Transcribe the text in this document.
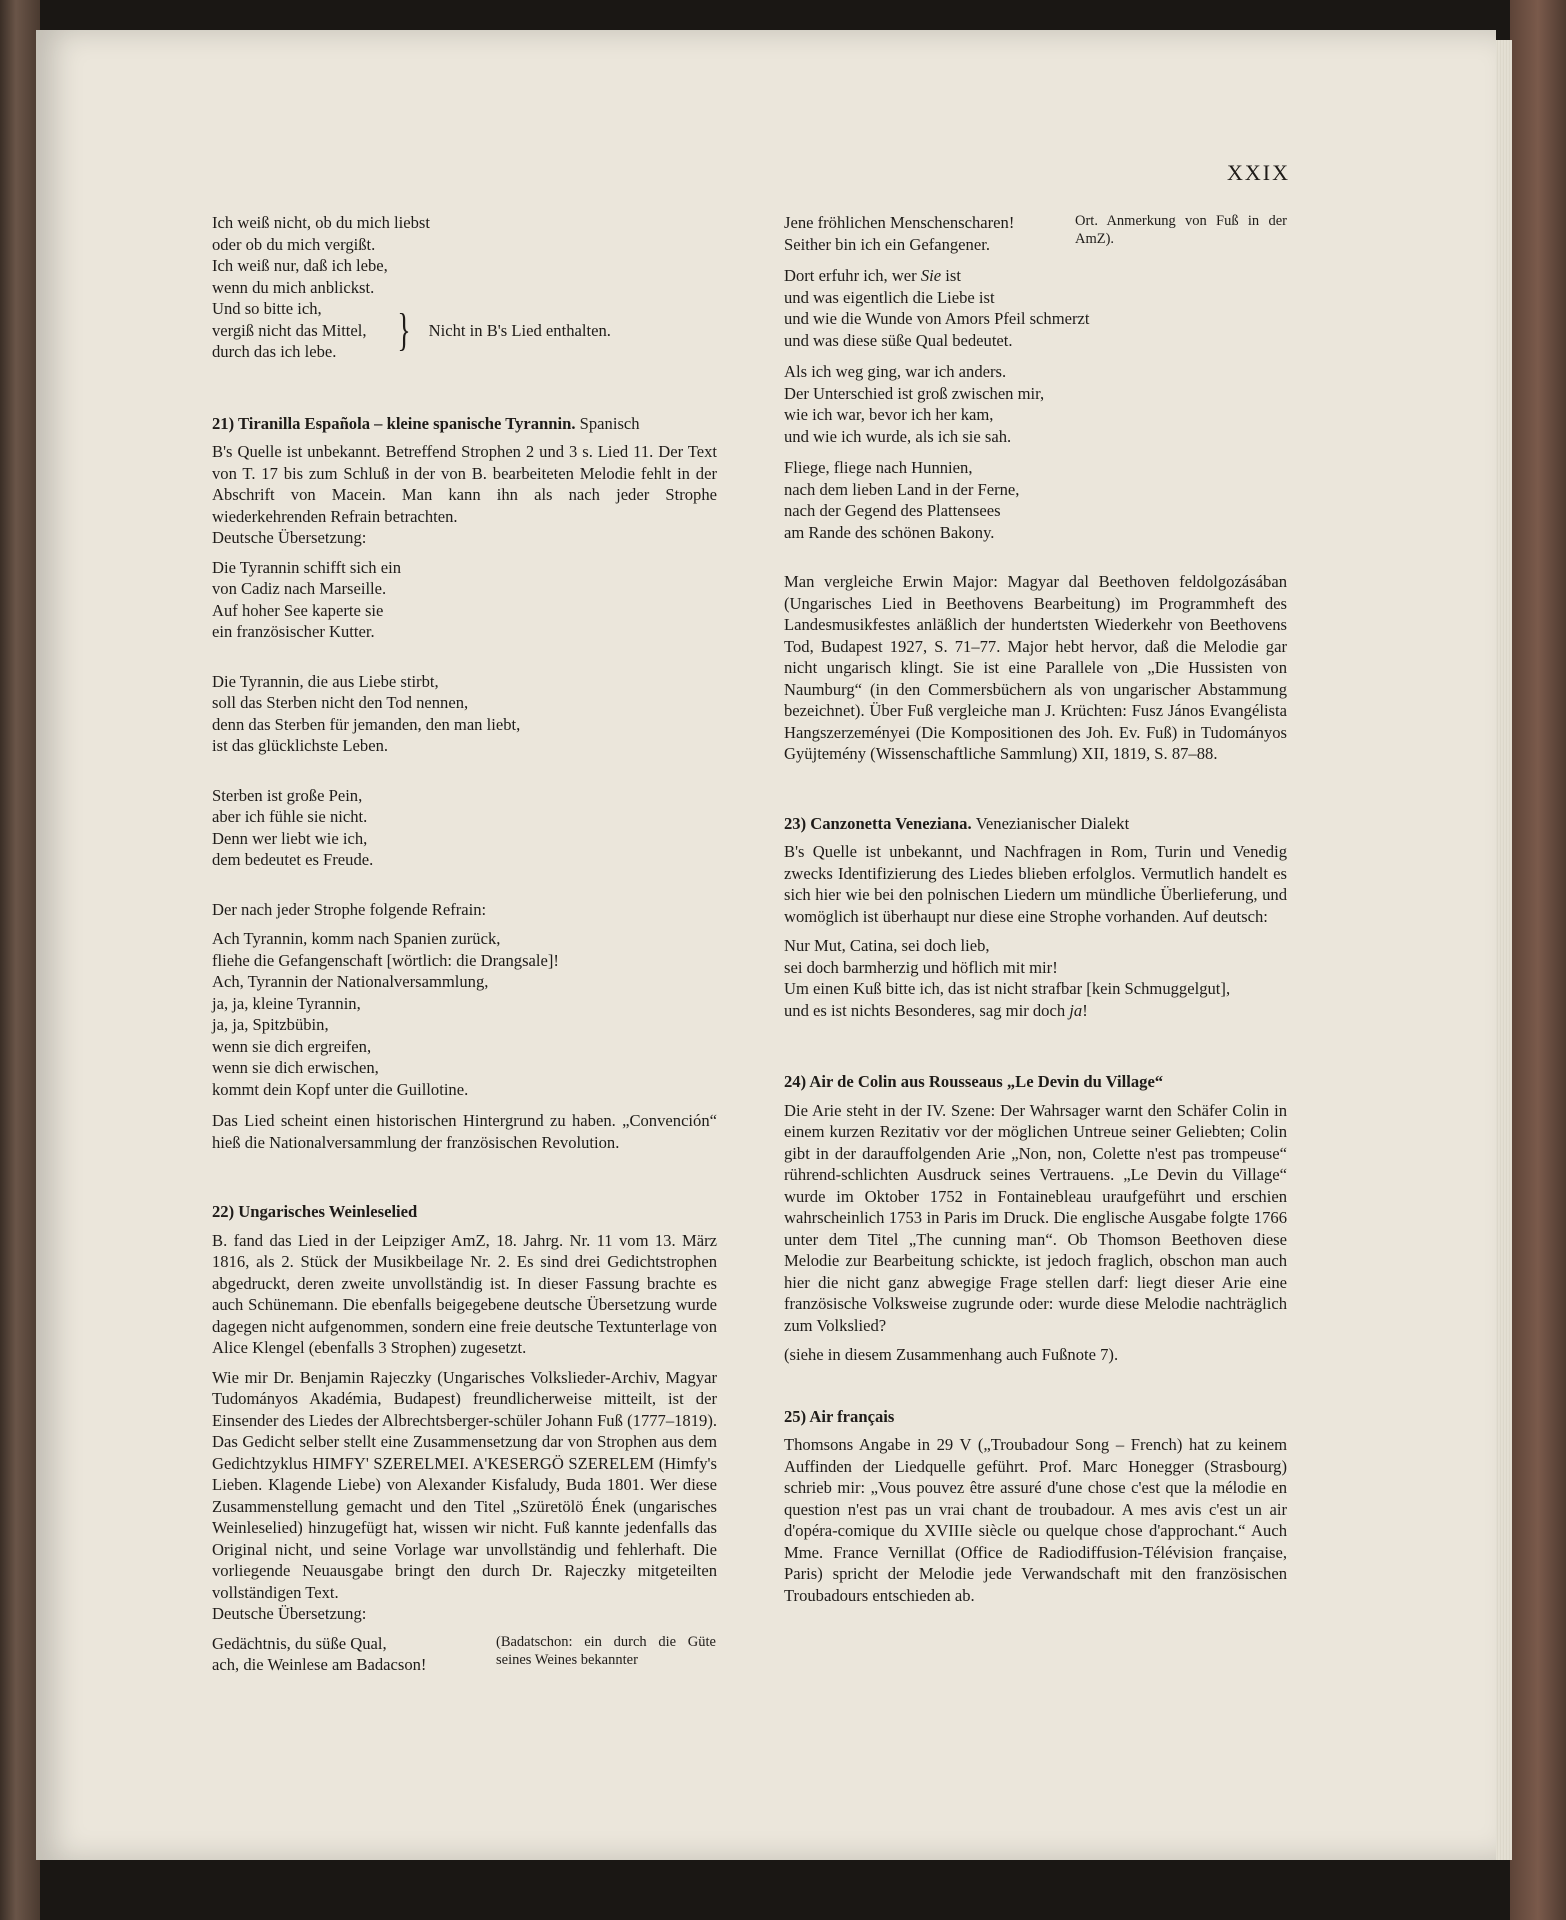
XXIX
Ich weiß nicht, ob du mich liebst
oder ob du mich vergißt.
Ich weiß nur, daß ich lebe,
wenn du mich anblickst.
Und so bitte ich,
vergiß nicht das Mittel,
durch das ich lebe.	} Nicht in B's Lied enthalten.
21) Tiranilla Española – kleine spanische Tyrannin. Spanisch

B's Quelle ist unbekannt. Betreffend Strophen 2 und 3 s. Lied 11. Der Text von T. 17 bis zum Schluß in der von B. bearbeiteten Melodie fehlt in der Abschrift von Macein. Man kann ihn als nach jeder Strophe wiederkehrenden Refrain betrachten.

Deutsche Übersetzung:

Die Tyrannin schifft sich ein
von Cadiz nach Marseille.
Auf hoher See kaperte sie
ein französischer Kutter.
Die Tyrannin, die aus Liebe stirbt,
soll das Sterben nicht den Tod nennen,
denn das Sterben für jemanden, den man liebt,
ist das glücklichste Leben.
Sterben ist große Pein,
aber ich fühle sie nicht.
Denn wer liebt wie ich,
dem bedeutet es Freude.

Der nach jeder Strophe folgende Refrain:

Ach Tyrannin, komm nach Spanien zurück,
fliehe die Gefangenschaft [wörtlich: die Drangsale]!
Ach, Tyrannin der Nationalversammlung,
ja, ja, kleine Tyrannin,
ja, ja, Spitzbübin,
wenn sie dich ergreifen,
wenn sie dich erwischen,
kommt dein Kopf unter die Guillotine.

Das Lied scheint einen historischen Hintergrund zu haben. „Convención“ hieß die Nationalversammlung der französischen Revolution.

22) Ungarisches Weinleselied

B. fand das Lied in der Leipziger AmZ, 18. Jahrg. Nr. 11 vom 13. März 1816, als 2. Stück der Musikbeilage Nr. 2. Es sind drei Gedichtstrophen abgedruckt, deren zweite unvollständig ist. In dieser Fassung brachte es auch Schünemann. Die ebenfalls beigegebene deutsche Übersetzung wurde dagegen nicht aufgenommen, sondern eine freie deutsche Textunterlage von Alice Klengel (ebenfalls 3 Strophen) zugesetzt.

Wie mir Dr. Benjamin Rajeczky (Ungarisches Volkslieder-Archiv, Magyar Tudományos Akadémia, Budapest) freundlicherweise mitteilt, ist der Einsender des Liedes der Albrechtsberger-schüler Johann Fuß (1777–1819). Das Gedicht selber stellt eine Zusammensetzung dar von Strophen aus dem Gedichtzyklus HIMFY' SZERELMEI. A'KESERGÖ SZERELEM (Himfy's Lieben. Klagende Liebe) von Alexander Kisfaludy, Buda 1801. Wer diese Zusammenstellung gemacht und den Titel „Szüretölö Ének (ungarisches Weinleselied) hinzugefügt hat, wissen wir nicht. Fuß kannte jedenfalls das Original nicht, und seine Vorlage war unvollständig und fehlerhaft. Die vorliegende Neuausgabe bringt den durch Dr. Rajeczky mitgeteilten vollständigen Text.

Deutsche Übersetzung:

Gedächtnis, du süße Qual,
ach, die Weinlese am Badacson!
(Badatschon: ein durch die Güte seines Weines bekannter
Jene fröhlichen Menschenscharen!
Seither bin ich ein Gefangener.
Ort. Anmerkung von Fuß in der AmZ).
Dort erfuhr ich, wer Sie ist
und was eigentlich die Liebe ist
und wie die Wunde von Amors Pfeil schmerzt
und was diese süße Qual bedeutet.
Als ich weg ging, war ich anders.
Der Unterschied ist groß zwischen mir,
wie ich war, bevor ich her kam,
und wie ich wurde, als ich sie sah.
Fliege, fliege nach Hunnien,
nach dem lieben Land in der Ferne,
nach der Gegend des Plattensees
am Rande des schönen Bakony.

Man vergleiche Erwin Major: Magyar dal Beethoven feldolgozásában (Ungarisches Lied in Beethovens Bearbeitung) im Programmheft des Landesmusikfestes anläßlich der hundertsten Wiederkehr von Beethovens Tod, Budapest 1927, S. 71–77. Major hebt hervor, daß die Melodie gar nicht ungarisch klingt. Sie ist eine Parallele von „Die Hussisten von Naumburg“ (in den Commersbüchern als von ungarischer Abstammung bezeichnet). Über Fuß vergleiche man J. Krüchten: Fusz János Evangélista Hangszerzeményei (Die Kompositionen des Joh. Ev. Fuß) in Tudományos Gyüjtemény (Wissenschaftliche Sammlung) XII, 1819, S. 87–88.

23) Canzonetta Veneziana. Venezianischer Dialekt

B's Quelle ist unbekannt, und Nachfragen in Rom, Turin und Venedig zwecks Identifizierung des Liedes blieben erfolglos. Vermutlich handelt es sich hier wie bei den polnischen Liedern um mündliche Überlieferung, und womöglich ist überhaupt nur diese eine Strophe vorhanden. Auf deutsch:

Nur Mut, Catina, sei doch lieb,
sei doch barmherzig und höflich mit mir!
Um einen Kuß bitte ich, das ist nicht strafbar [kein Schmuggelgut],
und es ist nichts Besonderes, sag mir doch ja!
24) Air de Colin aus Rousseaus „Le Devin du Village“

Die Arie steht in der IV. Szene: Der Wahrsager warnt den Schäfer Colin in einem kurzen Rezitativ vor der möglichen Untreue seiner Geliebten; Colin gibt in der darauffolgenden Arie „Non, non, Colette n'est pas trompeuse“ rührend-schlichten Ausdruck seines Vertrauens. „Le Devin du Village“ wurde im Oktober 1752 in Fontainebleau uraufgeführt und erschien wahrscheinlich 1753 in Paris im Druck. Die englische Ausgabe folgte 1766 unter dem Titel „The cunning man“. Ob Thomson Beethoven diese Melodie zur Bearbeitung schickte, ist jedoch fraglich, obschon man auch hier die nicht ganz abwegige Frage stellen darf: liegt dieser Arie eine französische Volksweise zugrunde oder: wurde diese Melodie nachträglich zum Volkslied?

(siehe in diesem Zusammenhang auch Fußnote 7).

25) Air français

Thomsons Angabe in 29 V („Troubadour Song – French) hat zu keinem Auffinden der Liedquelle geführt. Prof. Marc Honegger (Strasbourg) schrieb mir: „Vous pouvez être assuré d'une chose c'est que la mélodie en question n'est pas un vrai chant de troubadour. A mes avis c'est un air d'opéra-comique du XVIIIe siècle ou quelque chose d'approchant.“ Auch Mme. France Vernillat (Office de Radiodiffusion-Télévision française, Paris) spricht der Melodie jede Verwandschaft mit den französischen Troubadours entschieden ab.
